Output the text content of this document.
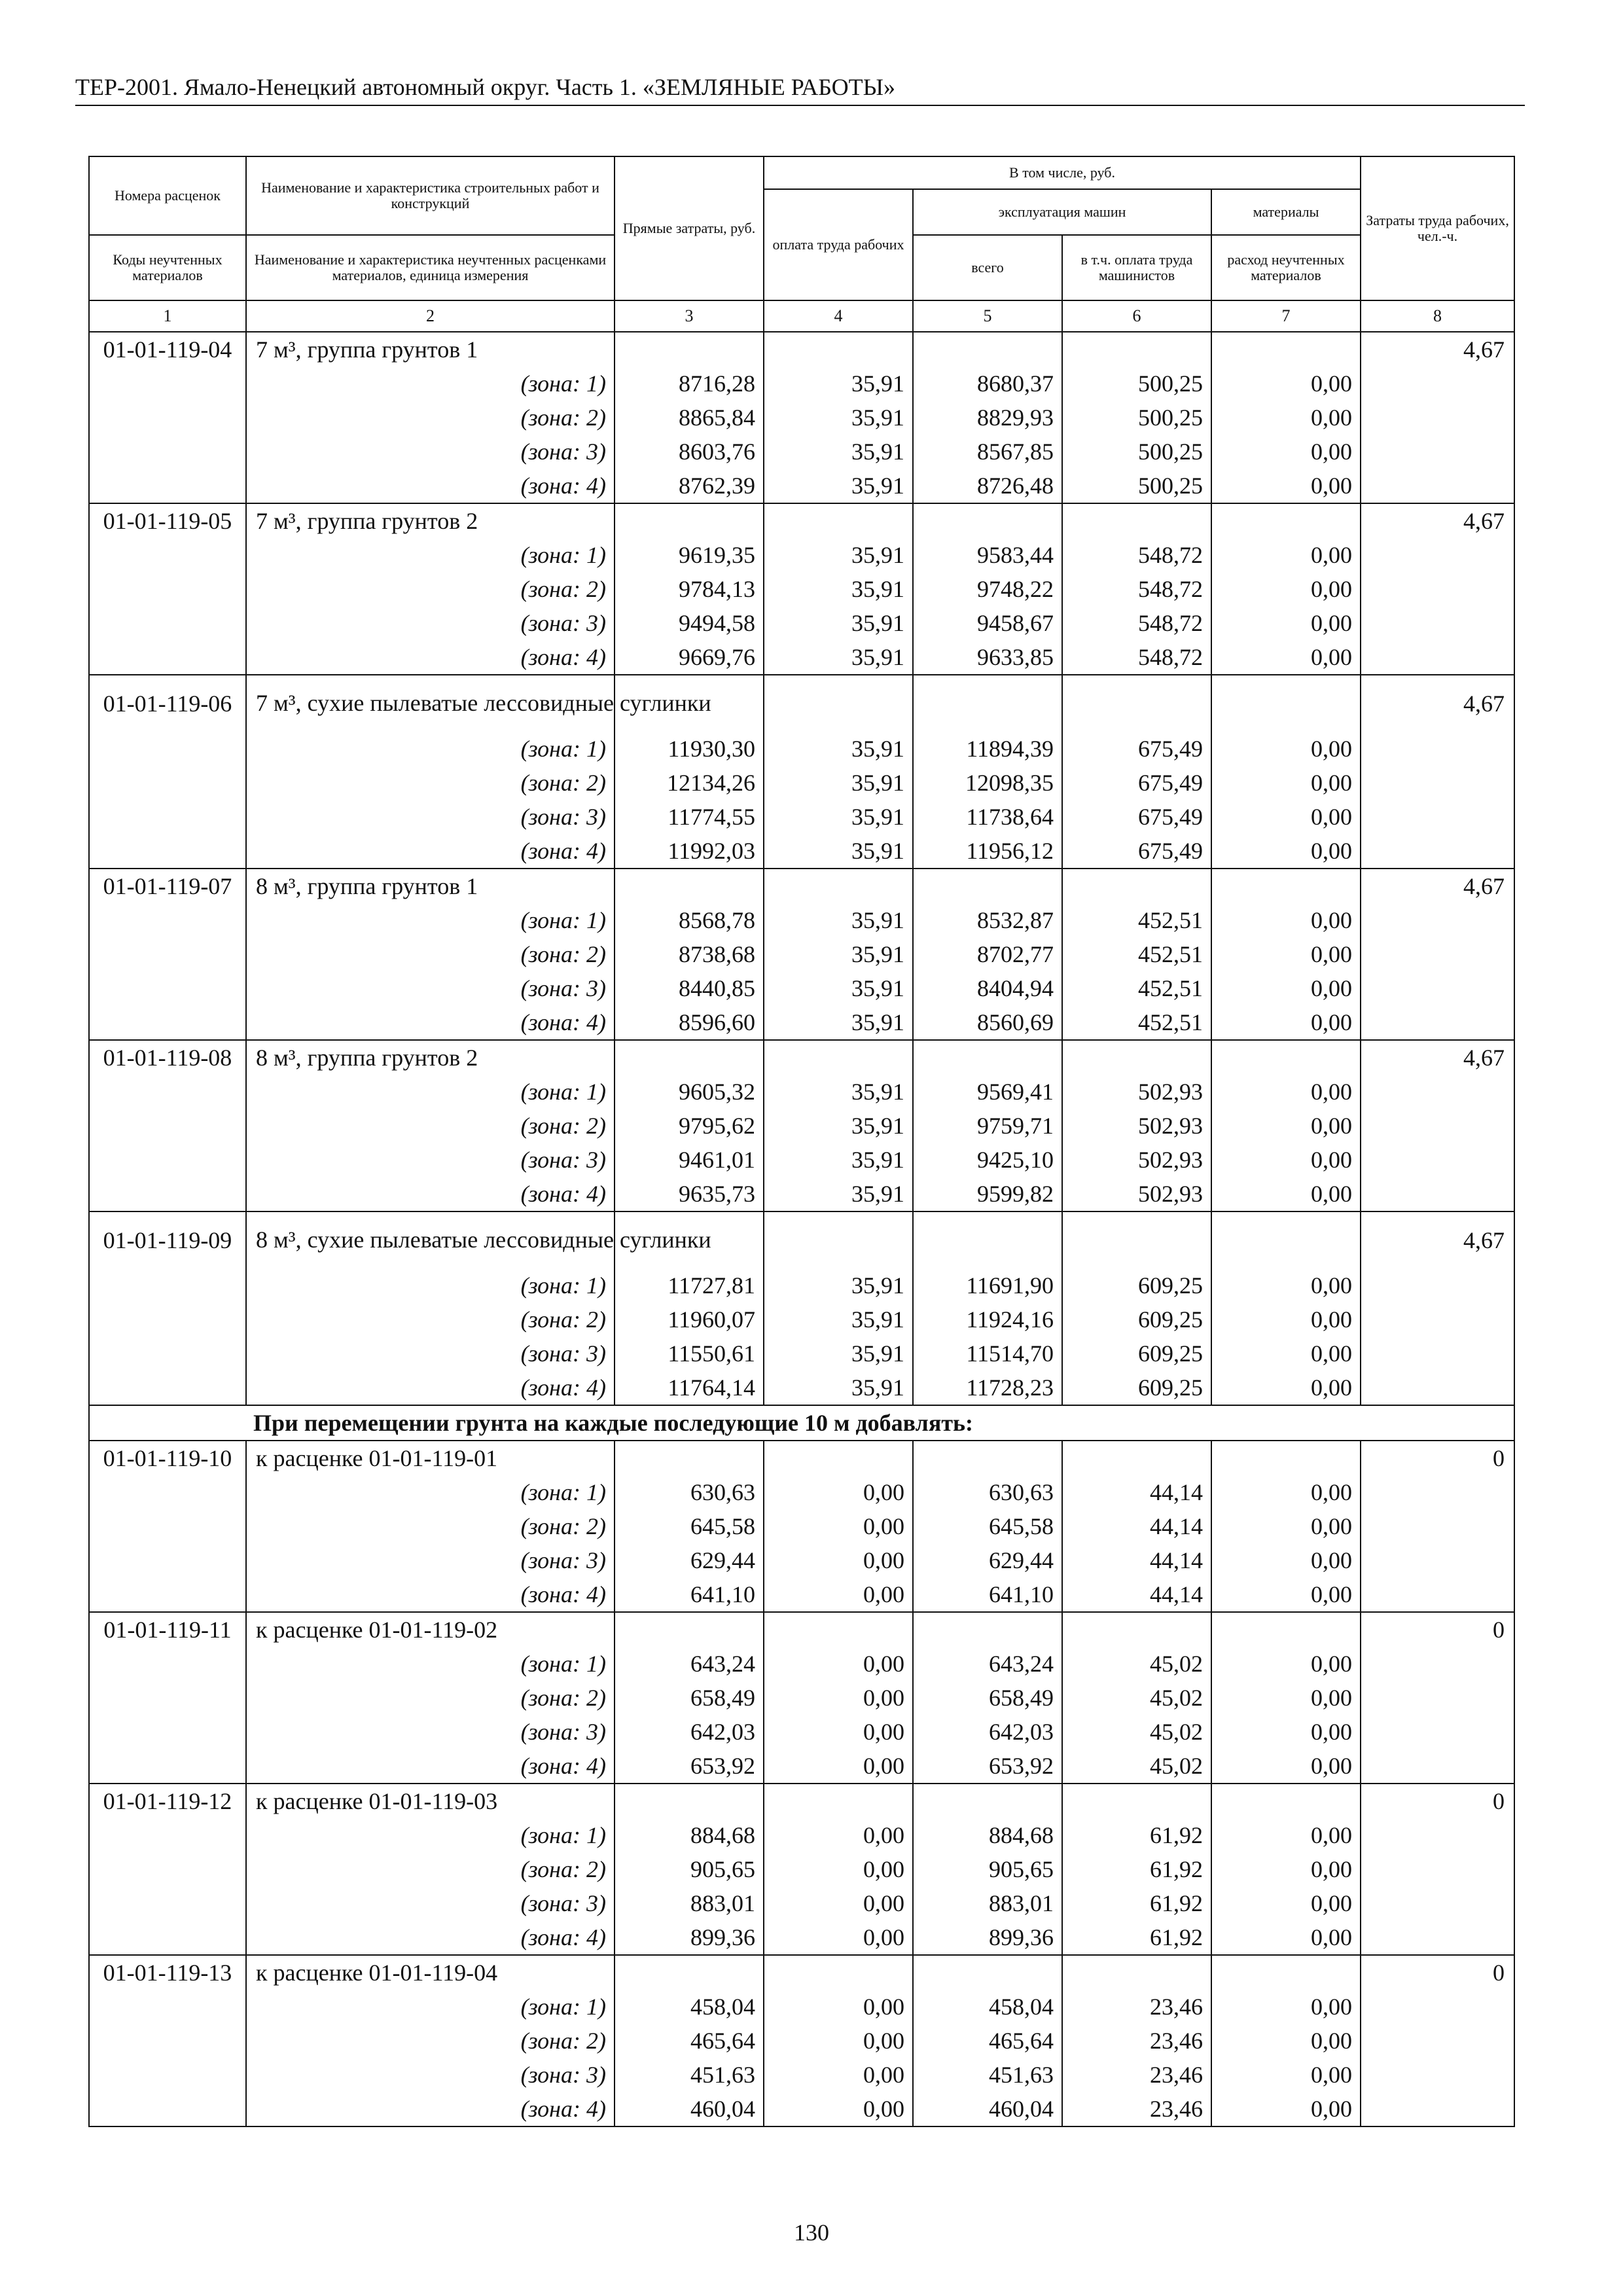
ТЕР-2001. Ямало-Ненецкий автономный округ. Часть 1. «ЗЕМЛЯНЫЕ РАБОТЫ»
Номера расценок	Наименование и характеристика строительных работ и конструкций	Прямые затраты, руб.	В том числе, руб.				Затраты труда рабочих, чел.-ч.

			оплата труда рабочих	эксплуатация машин		материалы	

Коды неучтенных материалов	Наименование и характеристика неучтенных расценками материалов, единица измерения			всего	в т.ч. оплата труда машинистов	расход неучтенных материалов	

1	2	3	4	5	6	7	8
01-01-119-04	7 м³, группа грунтов 1						4,67
	(зона: 1)	8716,28	35,91	8680,37	500,25	0,00	
	(зона: 2)	8865,84	35,91	8829,93	500,25	0,00	
	(зона: 3)	8603,76	35,91	8567,85	500,25	0,00	
	(зона: 4)	8762,39	35,91	8726,48	500,25	0,00	
01-01-119-05	7 м³, группа грунтов 2						4,67
	(зона: 1)	9619,35	35,91	9583,44	548,72	0,00	
	(зона: 2)	9784,13	35,91	9748,22	548,72	0,00	
	(зона: 3)	9494,58	35,91	9458,67	548,72	0,00	
	(зона: 4)	9669,76	35,91	9633,85	548,72	0,00	
01-01-119-06	7 м³, сухие пылеватые лессовидные суглинки						4,67
	(зона: 1)	11930,30	35,91	11894,39	675,49	0,00	
	(зона: 2)	12134,26	35,91	12098,35	675,49	0,00	
	(зона: 3)	11774,55	35,91	11738,64	675,49	0,00	
	(зона: 4)	11992,03	35,91	11956,12	675,49	0,00	
01-01-119-07	8 м³, группа грунтов 1						4,67
	(зона: 1)	8568,78	35,91	8532,87	452,51	0,00	
	(зона: 2)	8738,68	35,91	8702,77	452,51	0,00	
	(зона: 3)	8440,85	35,91	8404,94	452,51	0,00	
	(зона: 4)	8596,60	35,91	8560,69	452,51	0,00	
01-01-119-08	8 м³, группа грунтов 2						4,67
	(зона: 1)	9605,32	35,91	9569,41	502,93	0,00	
	(зона: 2)	9795,62	35,91	9759,71	502,93	0,00	
	(зона: 3)	9461,01	35,91	9425,10	502,93	0,00	
	(зона: 4)	9635,73	35,91	9599,82	502,93	0,00	
01-01-119-09	8 м³, сухие пылеватые лессовидные суглинки						4,67
	(зона: 1)	11727,81	35,91	11691,90	609,25	0,00	
	(зона: 2)	11960,07	35,91	11924,16	609,25	0,00	
	(зона: 3)	11550,61	35,91	11514,70	609,25	0,00	
	(зона: 4)	11764,14	35,91	11728,23	609,25	0,00	
При перемещении грунта на каждые последующие 10 м добавлять:							
01-01-119-10	к расценке 01-01-119-01						0
	(зона: 1)	630,63	0,00	630,63	44,14	0,00	
	(зона: 2)	645,58	0,00	645,58	44,14	0,00	
	(зона: 3)	629,44	0,00	629,44	44,14	0,00	
	(зона: 4)	641,10	0,00	641,10	44,14	0,00	
01-01-119-11	к расценке 01-01-119-02						0
	(зона: 1)	643,24	0,00	643,24	45,02	0,00	
	(зона: 2)	658,49	0,00	658,49	45,02	0,00	
	(зона: 3)	642,03	0,00	642,03	45,02	0,00	
	(зона: 4)	653,92	0,00	653,92	45,02	0,00	
01-01-119-12	к расценке 01-01-119-03						0
	(зона: 1)	884,68	0,00	884,68	61,92	0,00	
	(зона: 2)	905,65	0,00	905,65	61,92	0,00	
	(зона: 3)	883,01	0,00	883,01	61,92	0,00	
	(зона: 4)	899,36	0,00	899,36	61,92	0,00	
01-01-119-13	к расценке 01-01-119-04						0
	(зона: 1)	458,04	0,00	458,04	23,46	0,00	
	(зона: 2)	465,64	0,00	465,64	23,46	0,00	
	(зона: 3)	451,63	0,00	451,63	23,46	0,00	
	(зона: 4)	460,04	0,00	460,04	23,46	0,00	
130
